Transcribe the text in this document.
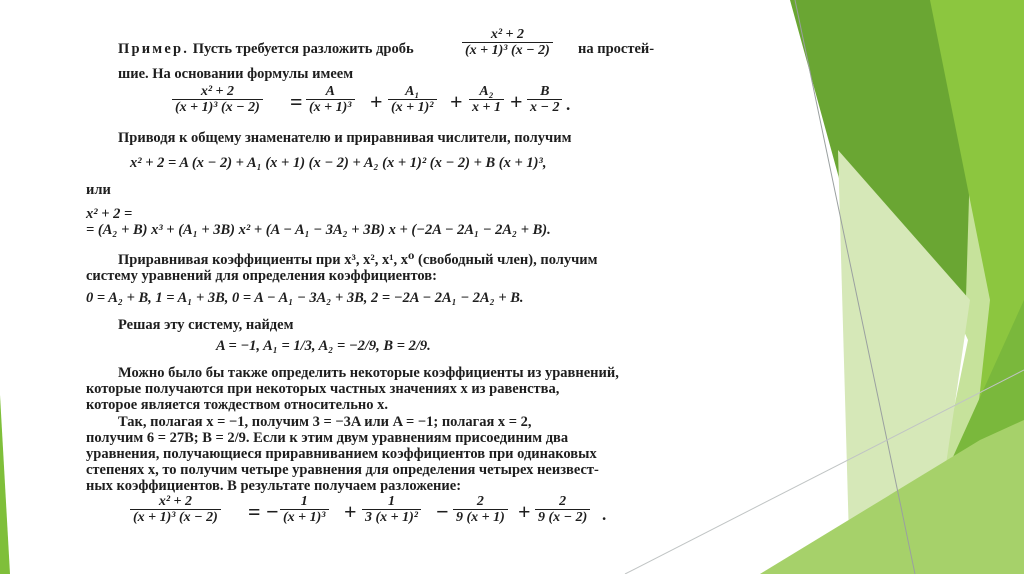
Пример. Пусть требуется разложить дробь
x² + 2
(x + 1)³ (x − 2) на простей-
шие. На основании формулы имеем
x² + 2
(x + 1)³ (x − 2) = A
(x + 1)³ + A₁
(x + 1)² + A₂
x + 1 + B
x − 2 .
Приводя к общему знаменателю и приравнивая числители, получим
x² + 2 = A (x − 2) + A₁ (x + 1) (x − 2) + A₂ (x + 1)² (x − 2) + B (x + 1)³,
или
x² + 2 =
= (A₂ + B) x³ + (A₁ + 3B) x² + (A − A₁ − 3A₂ + 3B) x + (−2A − 2A₁ − 2A₂ + B).
Приравнивая коэффициенты при x³, x², x¹, x⁰ (свободный член), получим
систему уравнений для определения коэффициентов:
0 = A₂ + B, 1 = A₁ + 3B, 0 = A − A₁ − 3A₂ + 3B, 2 = −2A − 2A₁ − 2A₂ + B.
Решая эту систему, найдем
A = −1, A₁ = 1/3, A₂ = −2/9, B = 2/9.
Можно было бы также определить некоторые коэффициенты из уравнений,
которые получаются при некоторых частных значениях x из равенства,
которое является тождеством относительно x.
Так, полагая x = −1, получим 3 = −3A или A = −1; полагая x = 2,
получим 6 = 27B; B = 2/9. Если к этим двум уравнениям присоединим два
уравнения, получающиеся приравниванием коэффициентов при одинаковых
степенях x, то получим четыре уравнения для определения четырех неизвест-
ных коэффициентов. В результате получаем разложение:
x² + 2
(x + 1)³ (x − 2) = − 1
(x + 1)³ + 1
3 (x + 1)² − 2
9 (x + 1) + 2
9 (x − 2) .
